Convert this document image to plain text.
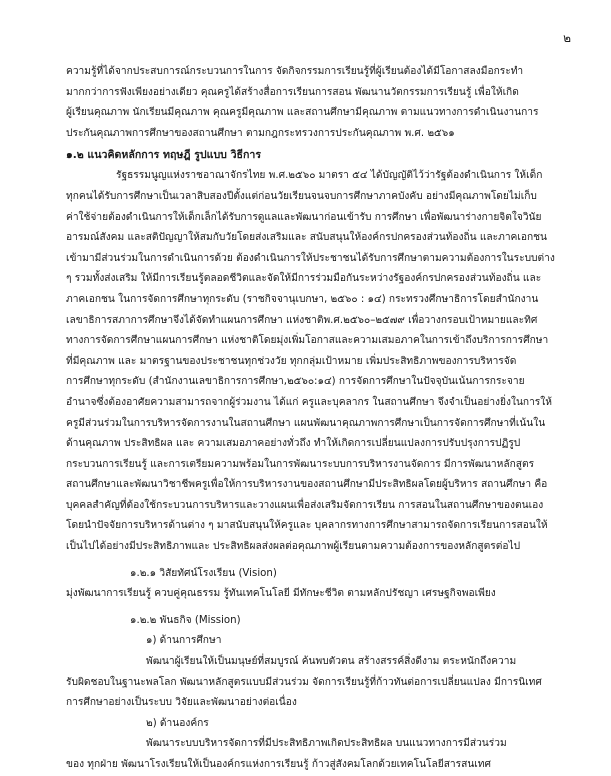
๒
ความรู้ที่ได้จากประสบการณ์กระบวนการในการ จัดกิจกรรมการเรียนรู้ที่ผู้เรียนต้องได้มีโอกาสลงมือกระทำ
มากกว่าการฟังเพียงอย่างเดียว คุณครูได้สร้างสื่อการเรียนการสอน พัฒนานวัตกรรมการเรียนรู้ เพื่อให้เกิด
ผู้เรียนคุณภาพ นักเรียนมีคุณภาพ คุณครูมีคุณภาพ และสถานศึกษามีคุณภาพ ตามแนวทางการดำเนินงานการ
ประกันคุณภาพการศึกษาของสถานศึกษา ตามกฎกระทรวงการประกันคุณภาพ พ.ศ. ๒๕๖๑
๑.๒ แนวคิดหลักการ ทฤษฎี รูปแบบ วิธีการ
รัฐธรรมนูญแห่งราชอาณาจักรไทย พ.ศ.๒๕๖๐ มาตรา ๕๔ ได้บัญญัติไว้ว่ารัฐต้องดำเนินการ ให้เด็ก
ทุกคนได้รับการศึกษาเป็นเวลาสิบสองปีตั้งแต่ก่อนวัยเรียนจนจบการศึกษาภาคบังคับ อย่างมีคุณภาพโดยไม่เก็บ
ค่าใช้จ่ายต้องดำเนินการให้เด็กเล็กได้รับการดูแลและพัฒนาก่อนเข้ารับ การศึกษา เพื่อพัฒนาร่างกายจิตใจวินัย
อารมณ์สังคม และสติปัญญาให้สมกับวัยโดยส่งเสริมและ สนับสนุนให้องค์กรปกครองส่วนท้องถิ่น และภาคเอกชน
เข้ามามีส่วนร่วมในการดำเนินการด้วย ต้องดำเนินการให้ประชาชนได้รับการศึกษาตามความต้องการในระบบต่าง
ๆ รวมทั้งส่งเสริม ให้มีการเรียนรู้ตลอดชีวิตและจัดให้มีการร่วมมือกันระหว่างรัฐองค์กรปกครองส่วนท้องถิ่น และ
ภาคเอกชน ในการจัดการศึกษาทุกระดับ (ราชกิจจานุเบกษา, ๒๕๖๐ : ๑๔) กระทรวงศึกษาธิการโดยสำนักงาน
เลขาธิการสภาการศึกษาจึงได้จัดทำแผนการศึกษา แห่งชาติพ.ศ.๒๕๖๐–๒๕๗๙ เพื่อวางกรอบเป้าหมายและทิศ
ทางการจัดการศึกษาแผนการศึกษา แห่งชาติโดยมุ่งเพิ่มโอกาสและความเสมอภาคในการเข้าถึงบริการการศึกษา
ที่มีคุณภาพ และ มาตรฐานของประชาชนทุกช่วงวัย ทุกกลุ่มเป้าหมาย เพิ่มประสิทธิภาพของการบริหารจัด
การศึกษาทุกระดับ (สำนักงานเลขาธิการการศึกษา,๒๕๖๐:๑๔) การจัดการศึกษาในปัจจุบันเน้นการกระจาย
อำนาจซึ่งต้องอาศัยความสามารถจากผู้ร่วมงาน ได้แก่ ครูและบุคลากร ในสถานศึกษา จึงจำเป็นอย่างยิ่งในการให้
ครูมีส่วนร่วมในการบริหารจัดการงานในสถานศึกษา แผนพัฒนาคุณภาพการศึกษาเป็นการจัดการศึกษาที่เน้นใน
ด้านคุณภาพ ประสิทธิผล และ ความเสมอภาคอย่างทั่วถึง ทำให้เกิดการเปลี่ยนแปลงการปรับปรุงการปฏิรูป
กระบวนการเรียนรู้ และการเตรียมความพร้อมในการพัฒนาระบบการบริหารงานจัดการ มีการพัฒนาหลักสูตร
สถานศึกษาและพัฒนาวิชาชีพครูเพื่อให้การบริหารงานของสถานศึกษามีประสิทธิผลโดยผู้บริหาร สถานศึกษา คือ
บุคคลสำคัญที่ต้องใช้กระบวนการบริหารและวางแผนเพื่อส่งเสริมจัดการเรียน การสอนในสถานศึกษาของตนเอง
โดยนำปัจจัยการบริหารด้านต่าง ๆ มาสนับสนุนให้ครูและ บุคลากรทางการศึกษาสามารถจัดการเรียนการสอนให้
เป็นไปได้อย่างมีประสิทธิภาพและ ประสิทธิผลส่งผลต่อคุณภาพผู้เรียนตามความต้องการของหลักสูตรต่อไป
๑.๒.๑ วิสัยทัศน์โรงเรียน (Vision)
มุ่งพัฒนาการเรียนรู้ ควบคู่คุณธรรม รู้ทันเทคโนโลยี มีทักษะชีวิต ตามหลักปรัชญา เศรษฐกิจพอเพียง
๑.๒.๒ พันธกิจ (Mission)
๑) ด้านการศึกษา
พัฒนาผู้เรียนให้เป็นมนุษย์ที่สมบูรณ์ ค้นพบตัวตน สร้างสรรค์สิ่งดีงาม ตระหนักถึงความ
รับผิดชอบในฐานะพลโลก พัฒนาหลักสูตรแบบมีส่วนร่วม จัดการเรียนรู้ที่ก้าวทันต่อการเปลี่ยนแปลง มีการนิเทศ
การศึกษาอย่างเป็นระบบ วิจัยและพัฒนาอย่างต่อเนื่อง
๒) ด้านองค์กร
พัฒนาระบบบริหารจัดการที่มีประสิทธิภาพเกิดประสิทธิผล บนแนวทางการมีส่วนร่วม
ของ ทุกฝ่าย พัฒนาโรงเรียนให้เป็นองค์กรแห่งการเรียนรู้ ก้าวสู่สังคมโลกด้วยเทคโนโลยีสารสนเทศ
